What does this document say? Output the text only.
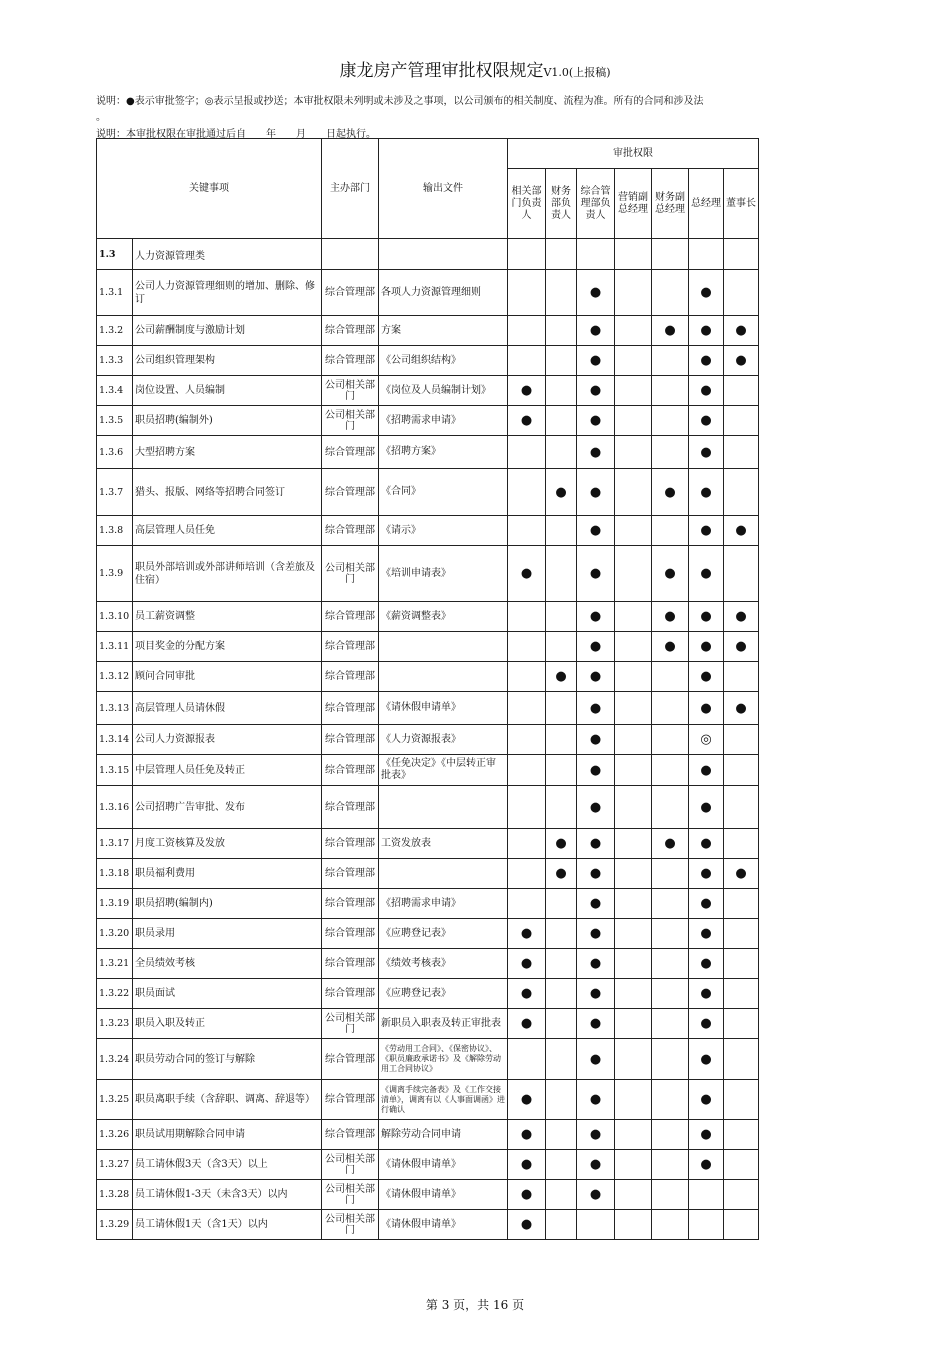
康龙房产管理审批权限规定V1.0(上报稿)
说明：●表示审批签字；◎表示呈报或抄送；本审批权限未列明或未涉及之事项，以公司颁布的相关制度、流程为准。所有的合同和涉及法
。
说明：本审批权限在审批通过后自　　年　　月　　日起执行。
关键事项		主办部门	输出文件	审批权限						
				相关部门负责人	财务部负责人	综合管理部负责人	营销副总经理	财务副总经理	总经理	董事长
1.3	人力资源管理类									
1.3.1	公司人力资源管理细则的增加、删除、修订	综合管理部	各项人力资源管理细则			●			●	
1.3.2	公司薪酬制度与激励计划	综合管理部	方案			●		●	●	●
1.3.3	公司组织管理架构	综合管理部	《公司组织结构》			●			●	●
1.3.4	岗位设置、人员编制	公司相关部门	《岗位及人员编制计划》	●		●			●	
1.3.5	职员招聘(编制外)	公司相关部门	《招聘需求申请》	●		●			●	
1.3.6	大型招聘方案	综合管理部	《招聘方案》			●			●	
1.3.7	猎头、报版、网络等招聘合同签订	综合管理部	《合同》		●	●		●	●	
1.3.8	高层管理人员任免	综合管理部	《请示》			●			●	●
1.3.9	职员外部培训或外部讲师培训（含差旅及住宿）	公司相关部门	《培训申请表》	●		●		●	●	
1.3.10	员工薪资调整	综合管理部	《薪资调整表》			●		●	●	●
1.3.11	项目奖金的分配方案	综合管理部				●		●	●	●
1.3.12	顾问合同审批	综合管理部			●	●			●	
1.3.13	高层管理人员请休假	综合管理部	《请休假申请单》			●			●	●
1.3.14	公司人力资源报表	综合管理部	《人力资源报表》			●			◎	
1.3.15	中层管理人员任免及转正	综合管理部	《任免决定》《中层转正审批表》			●			●	
1.3.16	公司招聘广告审批、发布	综合管理部				●			●	
1.3.17	月度工资核算及发放	综合管理部	工资发放表		●	●		●	●	
1.3.18	职员福利费用	综合管理部			●	●			●	●
1.3.19	职员招聘(编制内)	综合管理部	《招聘需求申请》			●			●	
1.3.20	职员录用	综合管理部	《应聘登记表》	●		●			●	
1.3.21	全员绩效考核	综合管理部	《绩效考核表》	●		●			●	
1.3.22	职员面试	综合管理部	《应聘登记表》	●		●			●	
1.3.23	职员入职及转正	公司相关部门	新职员入职表及转正审批表	●		●			●	
1.3.24	职员劳动合同的签订与解除	综合管理部	《劳动用工合同》、《保密协议》、《职员廉政承诺书》及《解除劳动用工合同协议》			●			●	
1.3.25	职员离职手续（含辞职、调离、辞退等）	综合管理部	《调离手续完备表》及《工作交接清单》，调离有以《人事面调函》进行确认	●		●			●	
1.3.26	职员试用期解除合同申请	综合管理部	解除劳动合同申请	●		●			●	
1.3.27	员工请休假3天（含3天）以上	公司相关部门	《请休假申请单》	●		●			●	
1.3.28	员工请休假1-3天（未含3天）以内	公司相关部门	《请休假申请单》	●		●				
1.3.29	员工请休假1天（含1天）以内	公司相关部门	《请休假申请单》	●						
第 3 页，共 16 页
